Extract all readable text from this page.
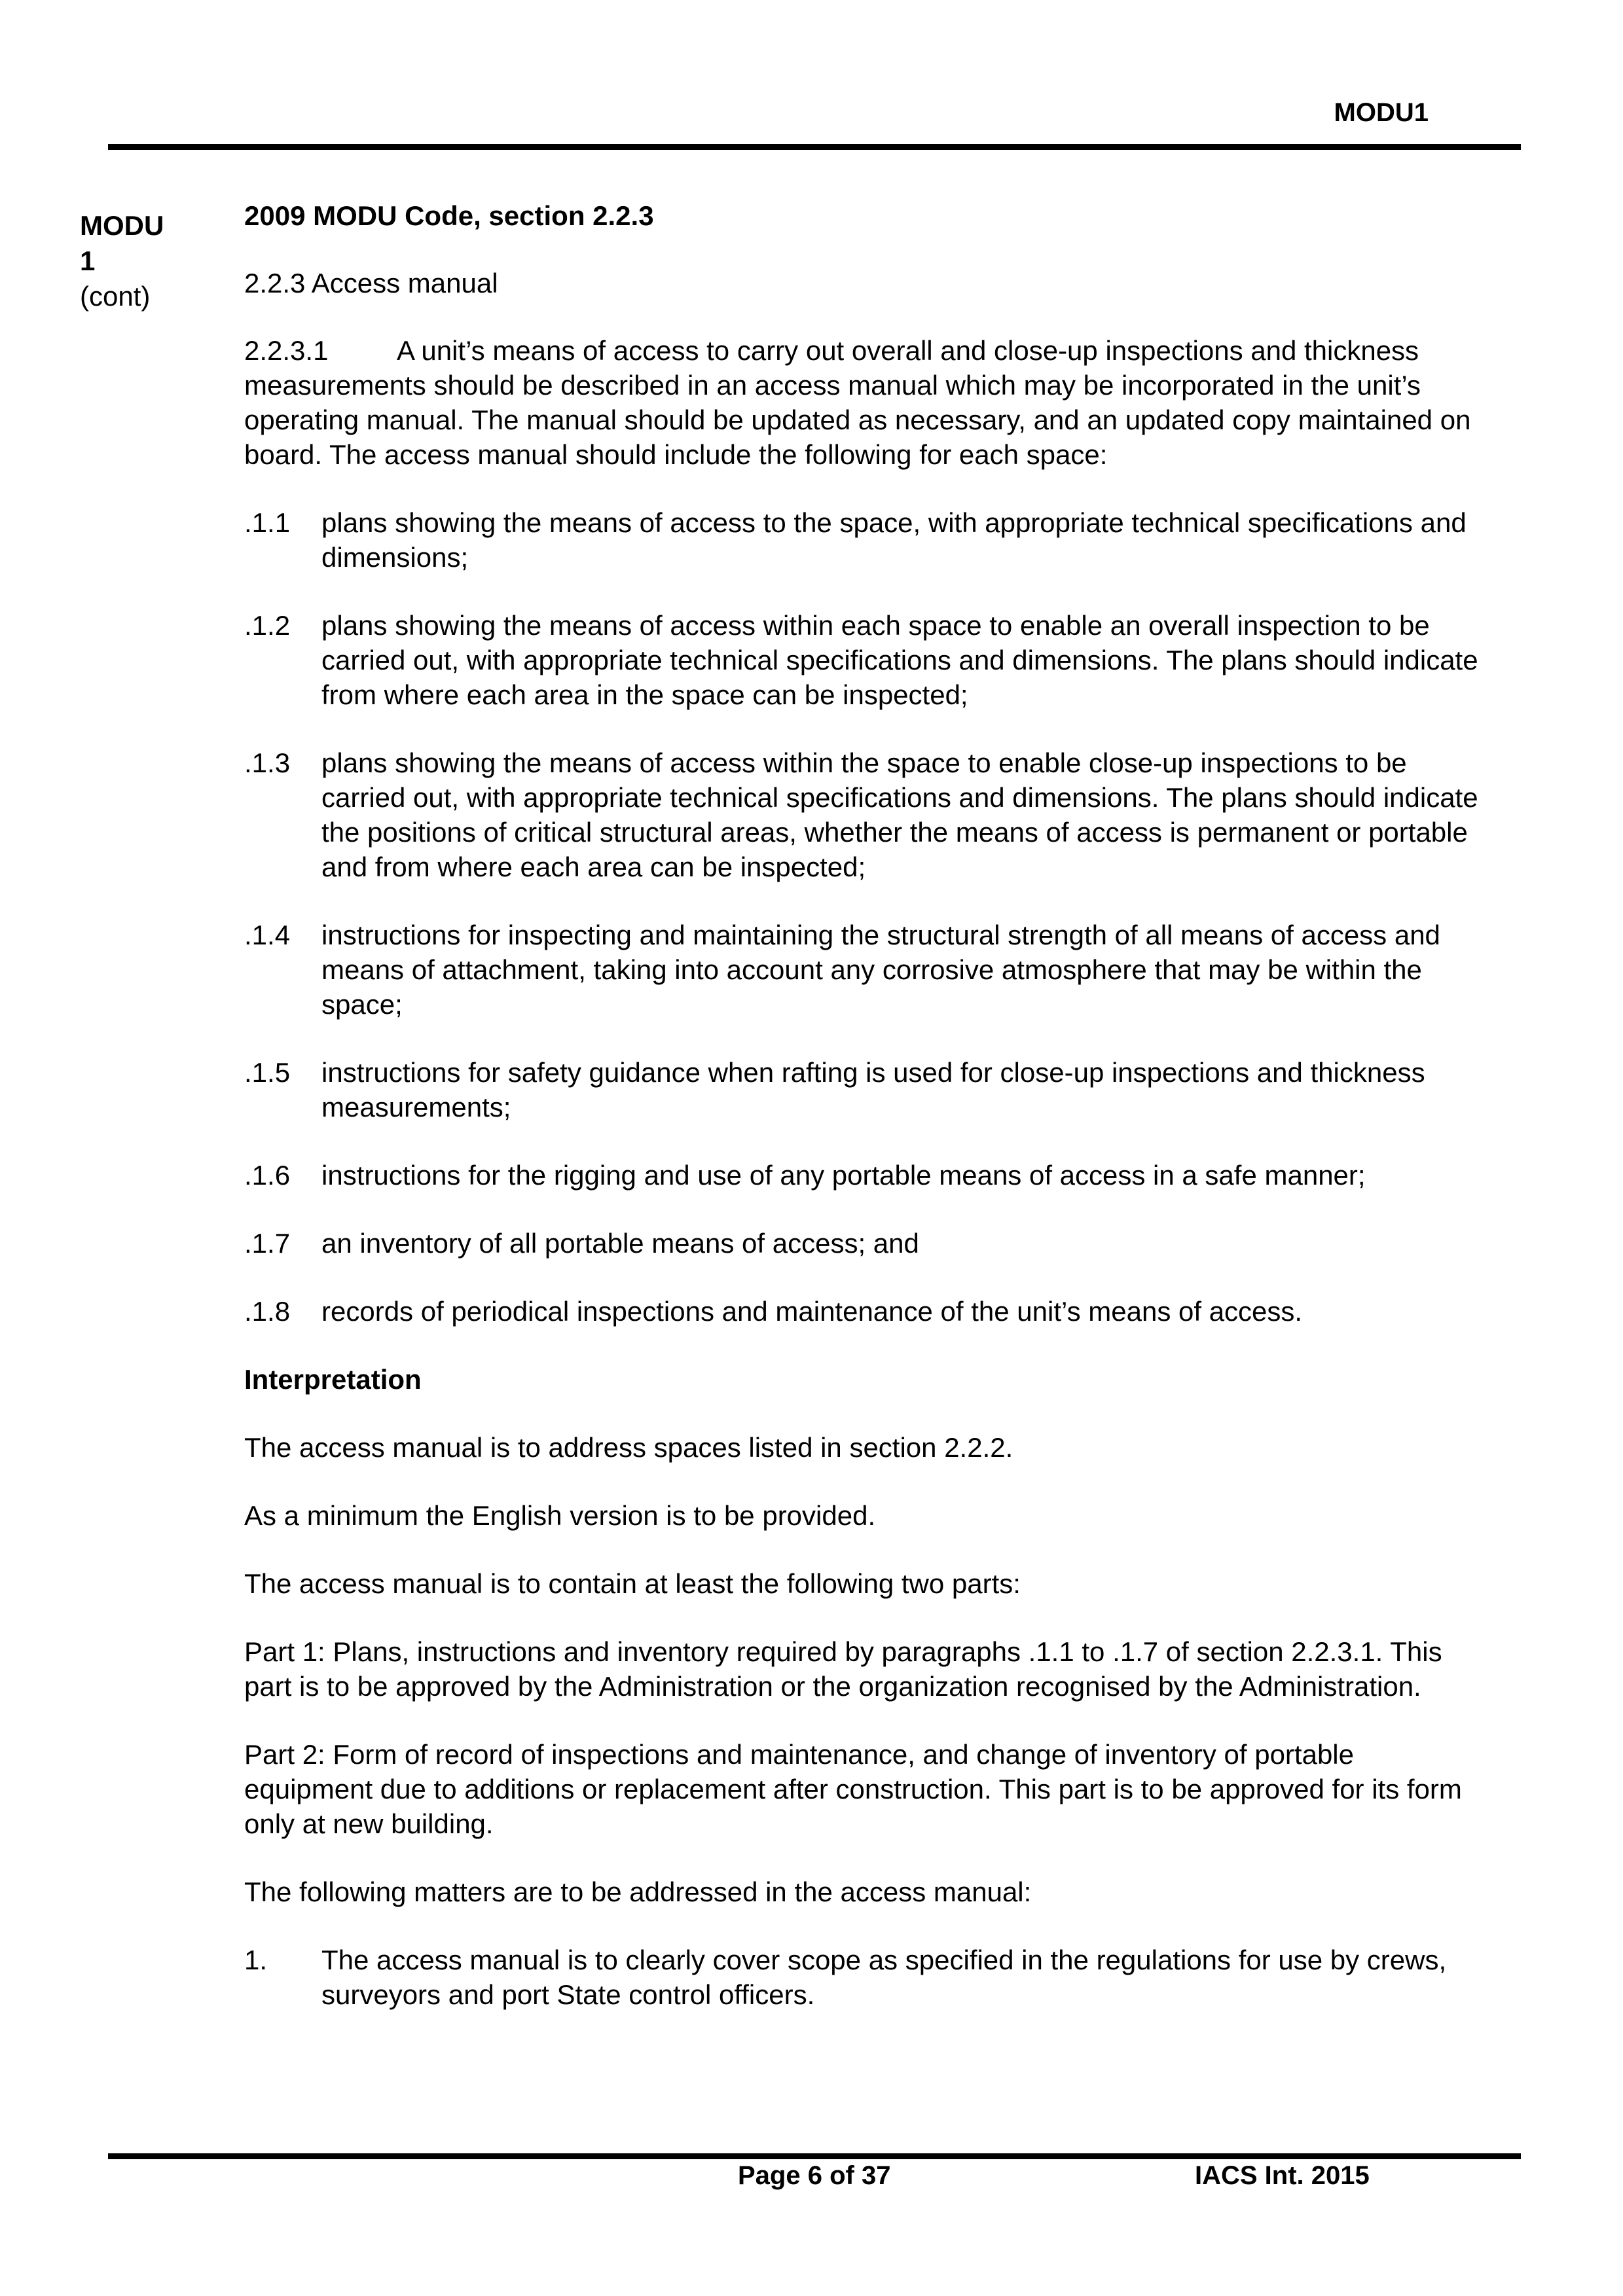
MODU1
MODU
1
(cont)

2009 MODU Code, section 2.2.3

2.2.3 Access manual

2.2.3.1 A unit’s means of access to carry out overall and close-up inspections and thickness measurements should be described in an access manual which may be incorporated in the unit’s operating manual. The manual should be updated as necessary, and an updated copy maintained on board. The access manual should include the following for each space:

.1.1	plans showing the means of access to the space, with appropriate technical specifications and dimensions;
.1.2	plans showing the means of access within each space to enable an overall inspection to be carried out, with appropriate technical specifications and dimensions. The plans should indicate from where each area in the space can be inspected;
.1.3	plans showing the means of access within the space to enable close-up inspections to be carried out, with appropriate technical specifications and dimensions. The plans should indicate the positions of critical structural areas, whether the means of access is permanent or portable and from where each area can be inspected;
.1.4	instructions for inspecting and maintaining the structural strength of all means of access and means of attachment, taking into account any corrosive atmosphere that may be within the space;
.1.5	instructions for safety guidance when rafting is used for close-up inspections and thickness measurements;
.1.6	instructions for the rigging and use of any portable means of access in a safe manner;
.1.7	an inventory of all portable means of access; and
.1.8	records of periodical inspections and maintenance of the unit’s means of access.

Interpretation

The access manual is to address spaces listed in section 2.2.2.

As a minimum the English version is to be provided.

The access manual is to contain at least the following two parts:

Part 1: Plans, instructions and inventory required by paragraphs .1.1 to .1.7 of section 2.2.3.1. This part is to be approved by the Administration or the organization recognised by the Administration.

Part 2: Form of record of inspections and maintenance, and change of inventory of portable equipment due to additions or replacement after construction. This part is to be approved for its form only at new building.

The following matters are to be addressed in the access manual:

1.	The access manual is to clearly cover scope as specified in the regulations for use by crews, surveyors and port State control officers.
Page 6 of 37	IACS Int. 2015
